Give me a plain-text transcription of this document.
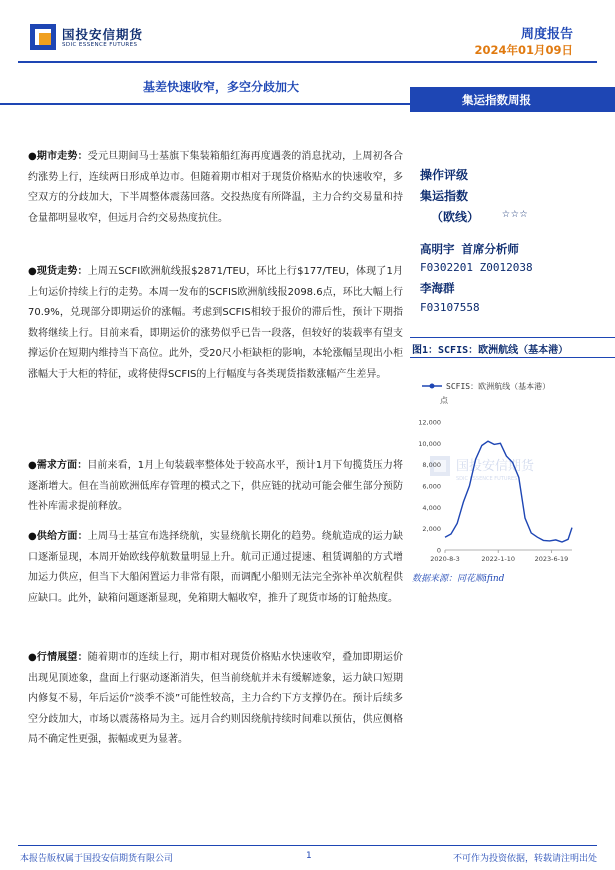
国投安信期货
SDIC ESSENCE FUTURES
周度报告
2024年01月09日
基差快速收窄，多空分歧加大
集运指数周报
●期市走势：受元旦期间马士基旗下集装箱船红海再度遇袭的消息扰动，上周初各合约涨势上行，连续两日形成单边市。但随着期市相对于现货价格贴水的快速收窄，多空双方的分歧加大，下半周整体震荡回落。交投热度有所降温，主力合约交易量和持仓量都明显收窄，但远月合约交易热度抗住。
●现货走势：上周五SCFI欧洲航线报$2871/TEU，环比上行$177/TEU，体现了1月上旬运价持续上行的走势。本周一发布的SCFIS欧洲航线报2098.6点，环比大幅上行70.9%，兑现部分即期运价的涨幅。考虑到SCFIS相较于报价的滞后性，预计下期指数将继续上行。目前来看，即期运价的涨势似乎已告一段落，但较好的装载率有望支撑运价在短期内维持当下高位。此外，受20尺小柜缺柜的影响，本轮涨幅呈现出小柜涨幅大于大柜的特征，或将使得SCFIS的上行幅度与各类现货指数涨幅产生差异。
●需求方面：目前来看，1月上旬装载率整体处于较高水平，预计1月下旬揽货压力将逐渐增大。但在当前欧洲低库存管理的模式之下，供应链的扰动可能会催生部分预防性补库需求提前释放。
●供给方面：上周马士基宣布选择绕航，实显绕航长期化的趋势。绕航造成的运力缺口逐渐显现，本周开始欧线停航数量明显上升。航司正通过提速、租赁调船的方式增加运力供应，但当下大船闲置运力非常有限，而调配小船则无法完全弥补单次航程供应缺口。此外，缺箱问题逐渐显现，免箱期大幅收窄，推升了现货市场的订舱热度。
●行情展望：随着期市的连续上行，期市相对现货价格贴水快速收窄，叠加即期运价出现见顶迹象，盘面上行驱动逐渐消失，但当前绕航并未有缓解迹象，运力缺口短期内修复不易，年后运价“淡季不淡”可能性较高，主力合约下方支撑仍在。预计后续多空分歧加大，市场以震荡格局为主。远月合约则因绕航持续时间难以预估，供应侧格局不确定性更强，振幅或更为显著。
操作评级
集运指数
（欧线） ☆☆☆
高明宇 首席分析师
F0302201 Z0012038
李海群
F03107558
图1：SCFIS：欧洲航线（基本港）
国投安信期货
SDIC ESSENCE FUTURES
SCFIS：欧洲航线（基本港）
点
0
2,000
4,000
6,000
8,000
10,000
12,000
2020-8-3	2022-1-10	2023-6-19
数据来源：同花顺ifind
本报告版权属于国投安信期货有限公司	1	不可作为投资依据，转载请注明出处
